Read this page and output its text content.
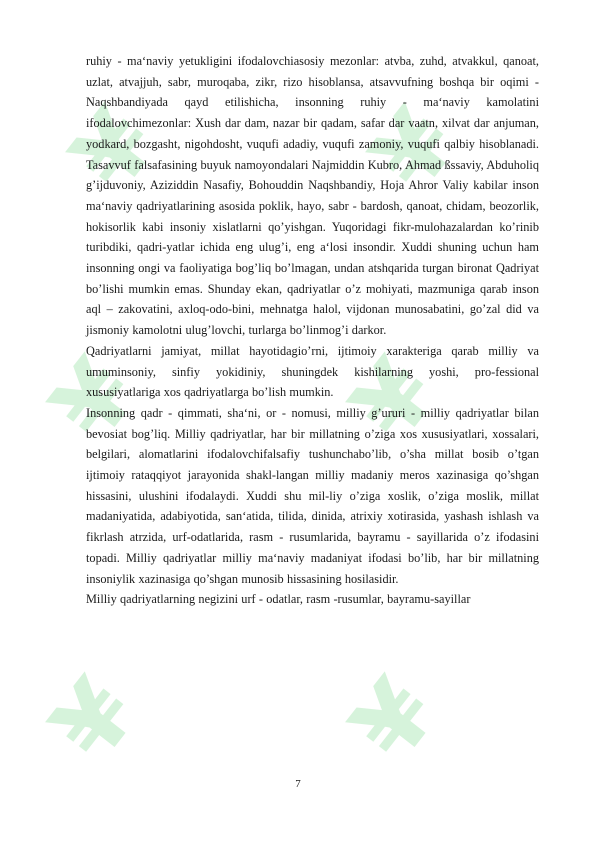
¥ ¥
¥ ¥
¥ ¥

ruhiy - ma‘naviy yetukligini ifodalovchiasosiy mezonlar: atvba, zuhd, atvakkul, qanoat, uzlat, atvajjuh, sabr, muroqaba, zikr, rizo hisoblansa, atsavvufning boshqa bir oqimi - Naqshbandiyada qayd etilishicha, insonning ruhiy - ma‘naviy kamolatini ifodalovchimezonlar: Xush dar dam, nazar bir qadam, safar dar vaatn, xilvat dar anjuman, yodkard, bozgasht, nigohdosht, vuqufi adadiy, vuqufi zamoniy, vuqufi qalbiy hisoblanadi. Tasavvuf falsafasining buyuk namoyondalari Najmiddin Kubro, Ahmad ßssaviy, Abduholiq g’ijduvoniy, Aziziddin Nasafiy, Bohouddin Naqshbandiy, Hoja Ahror Valiy kabilar inson ma‘naviy qadriyatlarining asosida poklik, hayo, sabr - bardosh, qanoat, chidam, beozorlik, hokisorlik kabi insoniy xislatlarni qo’yishgan. Yuqoridagi fikr-mulohazalardan ko’rinib turibdiki, qadri-yatlar ichida eng ulug’i, eng a‘losi insondir. Xuddi shuning uchun ham insonning ongi va faoliyatiga bog’liq bo’lmagan, undan atshqarida turgan bironat Qadriyat bo’lishi mumkin emas. Shunday ekan, qadriyatlar o’z mohiyati, mazmuniga qarab inson aql – zakovatini, axloq-odo-bini, mehnatga halol, vijdonan munosabatini, go’zal did va jismoniy kamolotni ulug’lovchi, turlarga bo’linmog’i darkor.

Qadriyatlarni jamiyat, millat hayotidagio’rni, ijtimoiy xarakteriga qarab milliy va umuminsoniy, sinfiy yokidiniy, shuningdek kishilarning yoshi, pro-fessional xususiyatlariga xos qadriyatlarga bo’lish mumkin.

Insonning qadr - qimmati, sha‘ni, or - nomusi, milliy g’ururi - milliy qadriyatlar bilan bevosiat bog’liq. Milliy qadriyatlar, har bir millatning o’ziga xos xususiyatlari, xossalari, belgilari, alomatlarini ifodalovchifalsafiy tushunchabo’lib, o’sha millat bosib o’tgan ijtimoiy rataqqiyot jarayonida shakl-langan milliy madaniy meros xazinasiga qo’shgan hissasini, ulushini ifodalaydi. Xuddi shu mil-liy o’ziga xoslik, o’ziga moslik, millat madaniyatida, adabiyotida, san‘atida, tilida, dinida, atrixiy xotirasida, yashash ishlash va fikrlash atrzida, urf-odatlarida, rasm - rusumlarida, bayramu - sayillarida o’z ifodasini topadi. Milliy qadriyatlar milliy ma‘naviy madaniyat ifodasi bo’lib, har bir millatning insoniylik xazinasiga qo’shgan munosib hissasining hosilasidir.

Milliy qadriyatlarning negizini urf - odatlar, rasm -rusumlar, bayramu-sayillar

7
